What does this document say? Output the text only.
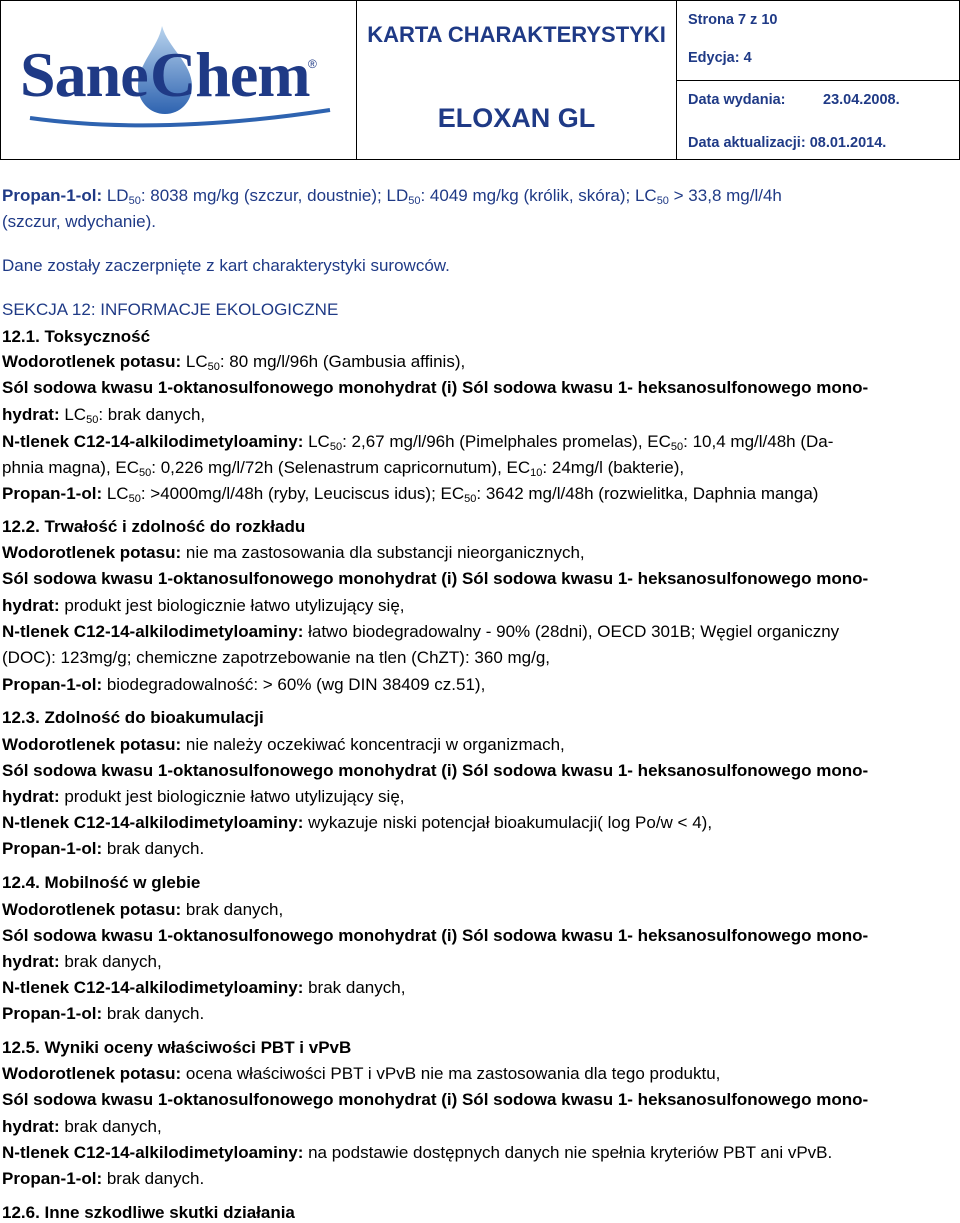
Sane Chem
®
KARTA CHARAKTERYSTYKI
ELOXAN GL
Strona 7 z 10
Edycja: 4
Data wydania:	23.04.2008.
Data aktualizacji: 08.01.2014.
Propan-1-ol: $LD_{50}$: 8038 mg/kg (szczur, doustnie); $LD_{50}$: 4049 mg/kg (królik, skóra); $LC_{50} > 33,8$ mg/l/4h
(szczur, wdychanie).
Dane zostały zaczerpnięte z kart charakterystyki surowców.
SEKCJA 12: INFORMACJE EKOLOGICZNE
12.1. Toksyczność
Wodorotlenek potasu: $LC_{50}$: 80 mg/l/96h (Gambusia affinis),
Sól sodowa kwasu 1-oktanosulfonowego monohydrat (i) Sól sodowa kwasu 1- heksanosulfonowego mono-
hydrat: $LC_{50}$: brak danych,
N-tlenek C12-14-alkilodimetyloaminy: $LC_{50}$: 2,67 mg/l/96h (Pimelphales promelas), $EC_{50}$: 10,4 mg/l/48h (Da-
phnia magna), $EC_{50}$: 0,226 mg/l/72h (Selenastrum capricornutum), $EC_{10}$: 24mg/l (bakterie),
Propan-1-ol: $LC_{50}$: >4000mg/l/48h (ryby, Leuciscus idus); $EC_{50}$: 3642 mg/l/48h (rozwielitka, Daphnia manga)
12.2. Trwałość i zdolność do rozkładu
Wodorotlenek potasu: nie ma zastosowania dla substancji nieorganicznych,
Sól sodowa kwasu 1-oktanosulfonowego monohydrat (i) Sól sodowa kwasu 1- heksanosulfonowego mono-
hydrat: produkt jest biologicznie łatwo utylizujący się,
N-tlenek C12-14-alkilodimetyloaminy: łatwo biodegradowalny - 90% (28dni), OECD 301B; Węgiel organiczny
(DOC): 123mg/g; chemiczne zapotrzebowanie na tlen (ChZT): 360 mg/g,
Propan-1-ol: biodegradowalność: > 60% (wg DIN 38409 cz.51),
12.3. Zdolność do bioakumulacji
Wodorotlenek potasu: nie należy oczekiwać koncentracji w organizmach,
Sól sodowa kwasu 1-oktanosulfonowego monohydrat (i) Sól sodowa kwasu 1- heksanosulfonowego mono-
hydrat: produkt jest biologicznie łatwo utylizujący się,
N-tlenek C12-14-alkilodimetyloaminy: wykazuje niski potencjał bioakumulacji( log Po/w < 4),
Propan-1-ol: brak danych.
12.4. Mobilność w glebie
Wodorotlenek potasu: brak danych,
Sól sodowa kwasu 1-oktanosulfonowego monohydrat (i) Sól sodowa kwasu 1- heksanosulfonowego mono-
hydrat: brak danych,
N-tlenek C12-14-alkilodimetyloaminy: brak danych,
Propan-1-ol: brak danych.
12.5. Wyniki oceny właściwości PBT i vPvB
Wodorotlenek potasu: ocena właściwości PBT i vPvB nie ma zastosowania dla tego produktu,
Sól sodowa kwasu 1-oktanosulfonowego monohydrat (i) Sól sodowa kwasu 1- heksanosulfonowego mono-
hydrat: brak danych,
N-tlenek C12-14-alkilodimetyloaminy: na podstawie dostępnych danych nie spełnia kryteriów PBT ani vPvB.
Propan-1-ol: brak danych.
12.6. Inne szkodliwe skutki działania
